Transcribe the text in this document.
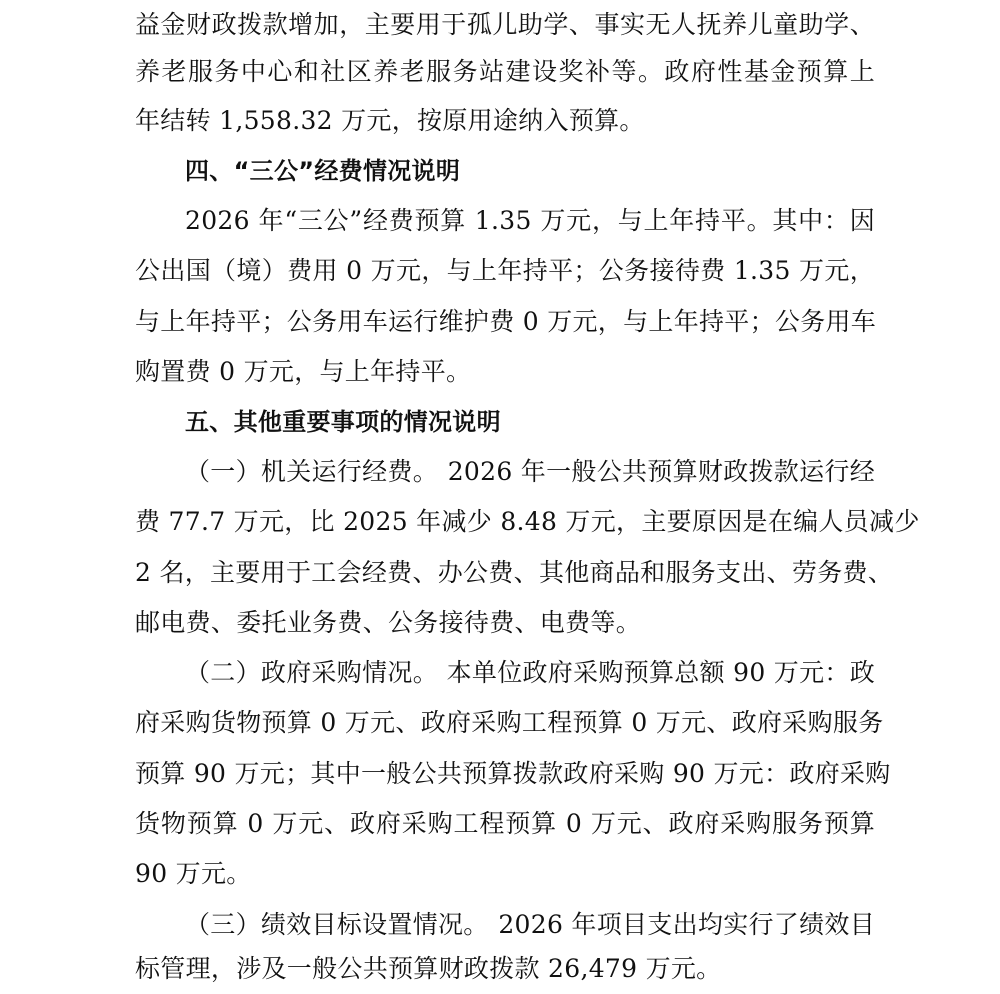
益金财政拨款增加，主要用于孤儿助学、事实无人抚养儿童助学、
养老服务中心和社区养老服务站建设奖补等。政府性基金预算上
年结转 1,558.32 万元，按原用途纳入预算。
四、“三公”经费情况说明
2026 年“三公”经费预算 1.35 万元，与上年持平。其中：因
公出国（境）费用 0 万元，与上年持平；公务接待费 1.35 万元，
与上年持平；公务用车运行维护费 0 万元，与上年持平；公务用车
购置费 0 万元，与上年持平。
五、其他重要事项的情况说明
（一）机关运行经费。 2026 年一般公共预算财政拨款运行经
费 77.7 万元，比 2025 年减少 8.48 万元，主要原因是在编人员减少
2 名，主要用于工会经费、办公费、其他商品和服务支出、劳务费、
邮电费、委托业务费、公务接待费、电费等。
（二）政府采购情况。 本单位政府采购预算总额 90 万元：政
府采购货物预算 0 万元、政府采购工程预算 0 万元、政府采购服务
预算 90 万元；其中一般公共预算拨款政府采购 90 万元：政府采购
货物预算 0 万元、政府采购工程预算 0 万元、政府采购服务预算
90 万元。
（三）绩效目标设置情况。 2026 年项目支出均实行了绩效目
标管理，涉及一般公共预算财政拨款 26,479 万元。
